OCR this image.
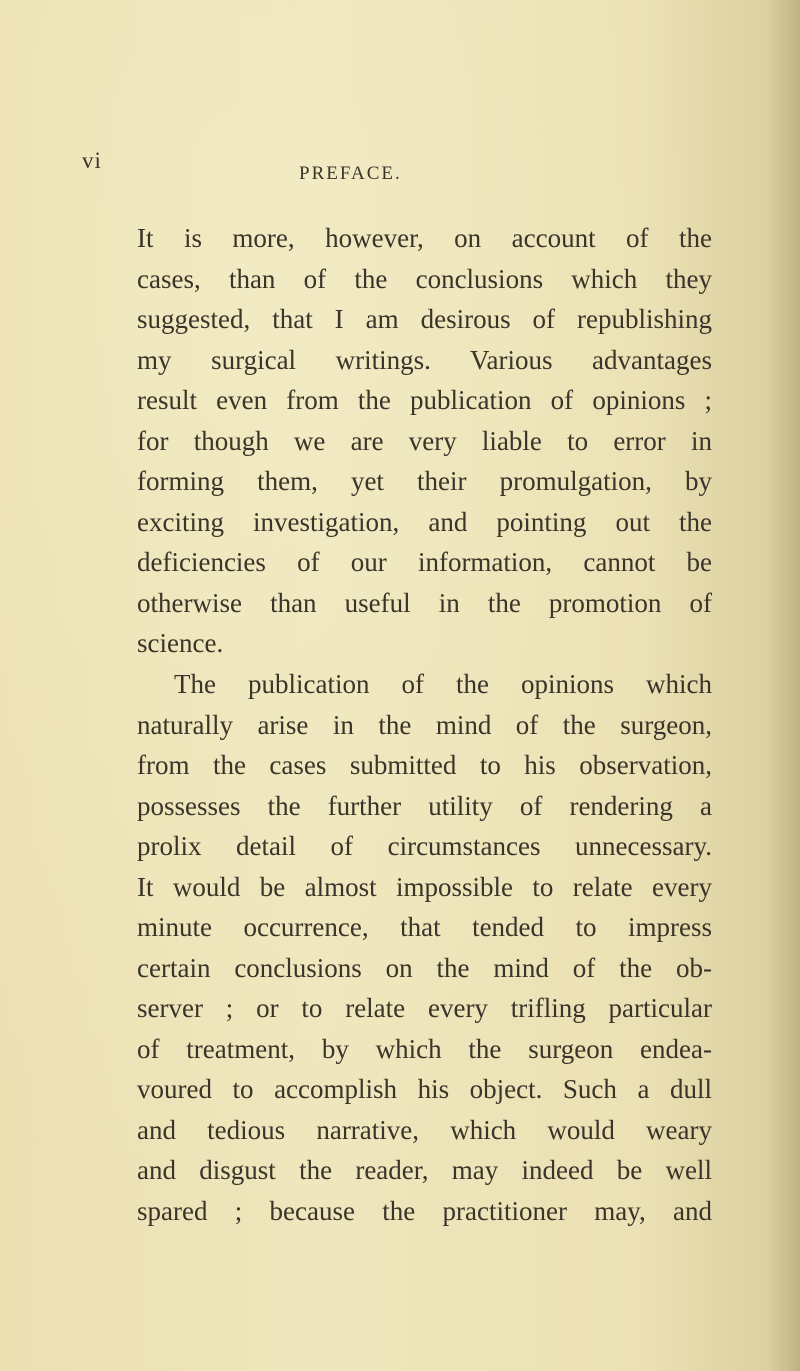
vi
PREFACE.
It is more, however, on account of the
cases, than of the conclusions which they
suggested, that I am desirous of republishing
my surgical writings. Various advantages
result even from the publication of opinions ;
for though we are very liable to error in
forming them, yet their promulgation, by
exciting investigation, and pointing out the
deficiencies of our information, cannot be
otherwise than useful in the promotion of
science.
The publication of the opinions which
naturally arise in the mind of the surgeon,
from the cases submitted to his observation,
possesses the further utility of rendering a
prolix detail of circumstances unnecessary.
It would be almost impossible to relate every
minute occurrence, that tended to impress
certain conclusions on the mind of the ob-
server ; or to relate every trifling particular
of treatment, by which the surgeon endea-
voured to accomplish his object. Such a dull
and tedious narrative, which would weary
and disgust the reader, may indeed be well
spared ; because the practitioner may, and
